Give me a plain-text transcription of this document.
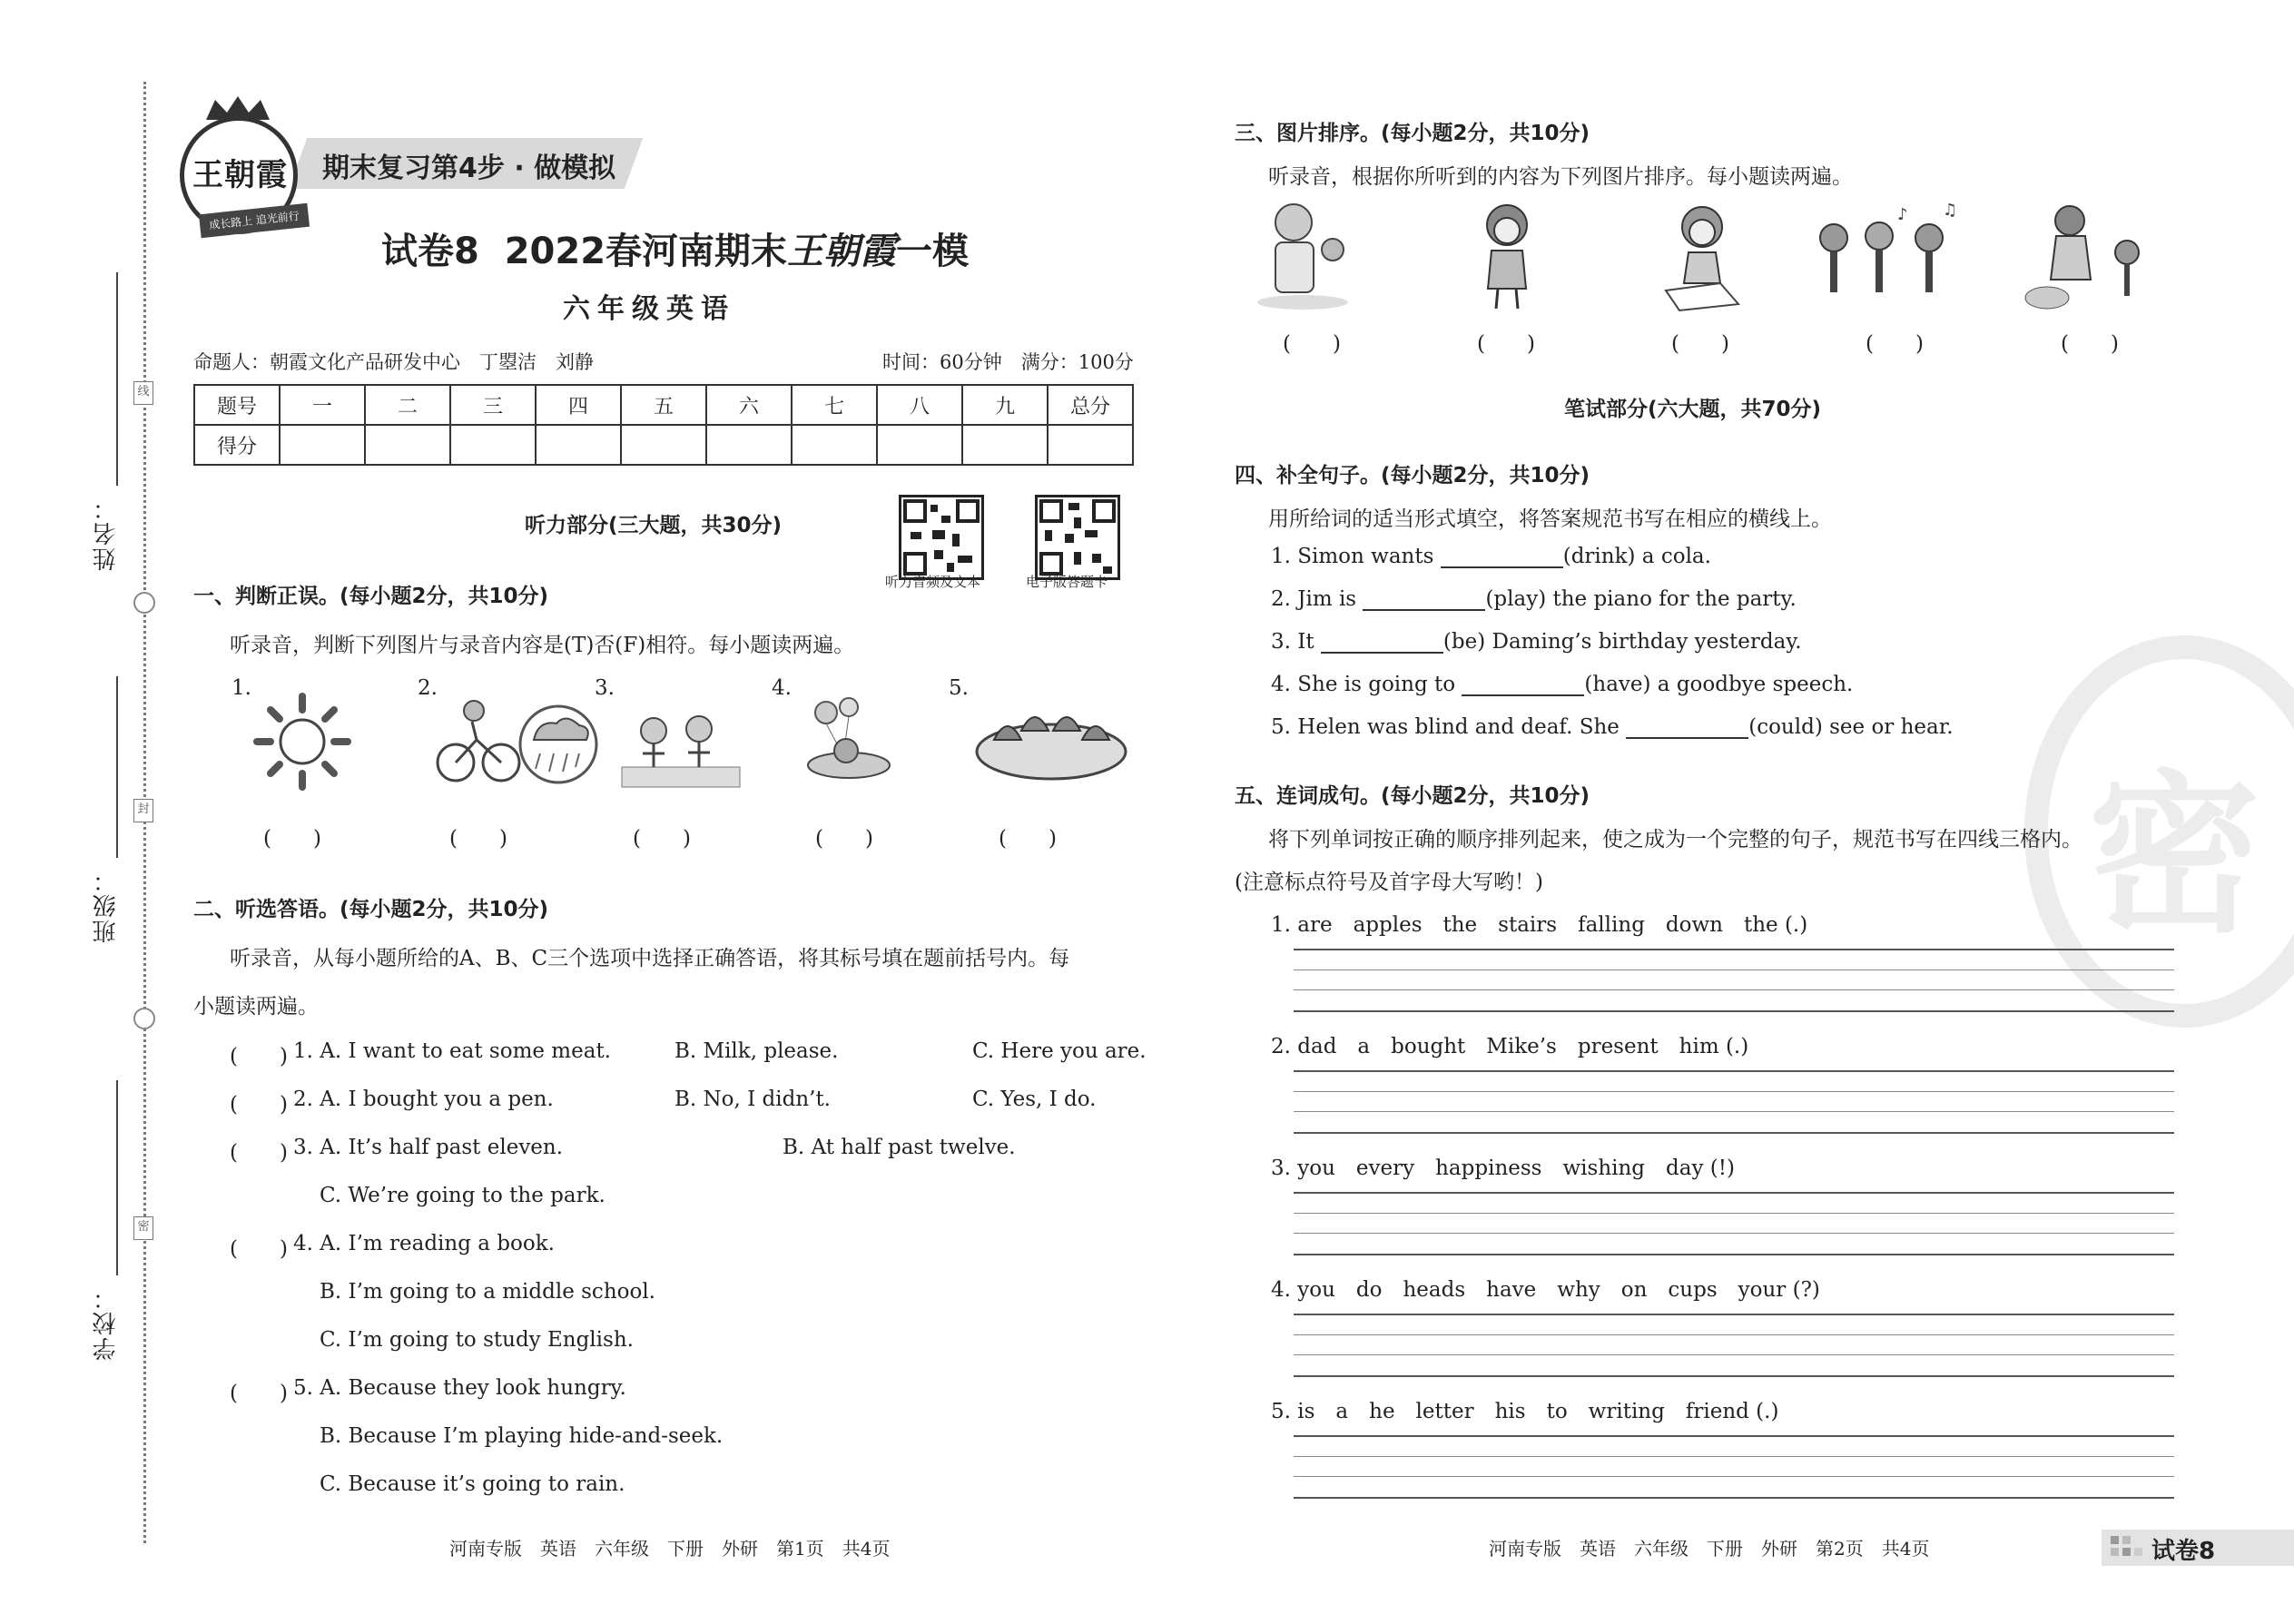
线
封
密
姓名：
班级：
学校：
期末复习第4步 · 做模拟
王朝霞
成长路上 追光前行
试卷8 2022春河南期末王朝霞一模
六年级英语
命题人：朝霞文化产品研发中心　丁曌洁　刘静	时间：60分钟　满分：100分
题号	一	二	三	四	五	六	七	八	九	总分
得分										
听力部分(三大题，共30分)
听力音频及文本	电子版答题卡
一、判断正误。(每小题2分，共10分)
听录音，判断下列图片与录音内容是(T)否(F)相符。每小题读两遍。
1.	2.	3.	4.	5.
(　　)	(　　)	(　　)	(　　)	(　　)
二、听选答语。(每小题2分，共10分)
听录音，从每小题所给的A、B、C三个选项中选择正确答语，将其标号填在题前括号内。每
小题读两遍。
(　　) 1. A. I want to eat some meat.	B. Milk, please.	C. Here you are.
(　　) 2. A. I bought you a pen.	B. No, I didn’t.	C. Yes, I do.
(　　) 3. A. It’s half past eleven.	B. At half past twelve.
C. We’re going to the park.
(　　) 4. A. I’m reading a book.
B. I’m going to a middle school.
C. I’m going to study English.
(　　) 5. A. Because they look hungry.
B. Because I’m playing hide-and-seek.
C. Because it’s going to rain.
河南专版　英语　六年级　下册　外研　第1页　共4页
密
三、图片排序。(每小题2分，共10分)
听录音，根据你所听到的内容为下列图片排序。每小题读两遍。
♪ ♫
(　　)	(　　)	(　　)	(　　)	(　　)
笔试部分(六大题，共70分)
四、补全句子。(每小题2分，共10分)
用所给词的适当形式填空，将答案规范书写在相应的横线上。
1. Simon wants	(drink) a cola.
2. Jim is	(play) the piano for the party.
3. It	(be) Daming’s birthday yesterday.
4. She is going to	(have) a goodbye speech.
5. Helen was blind and deaf. She	(could) see or hear.
五、连词成句。(每小题2分，共10分)
将下列单词按正确的顺序排列起来，使之成为一个完整的句子，规范书写在四线三格内。
(注意标点符号及首字母大写哟！)
1. are　apples　the　stairs　falling　down　the (.)
2. dad　a　bought　Mike’s　present　him (.)
3. you　every　happiness　wishing　day (!)
4. you　do　heads　have　why　on　cups　your (?)
5. is　a　he　letter　his　to　writing　friend (.)
河南专版　英语　六年级　下册　外研　第2页　共4页	试卷8
